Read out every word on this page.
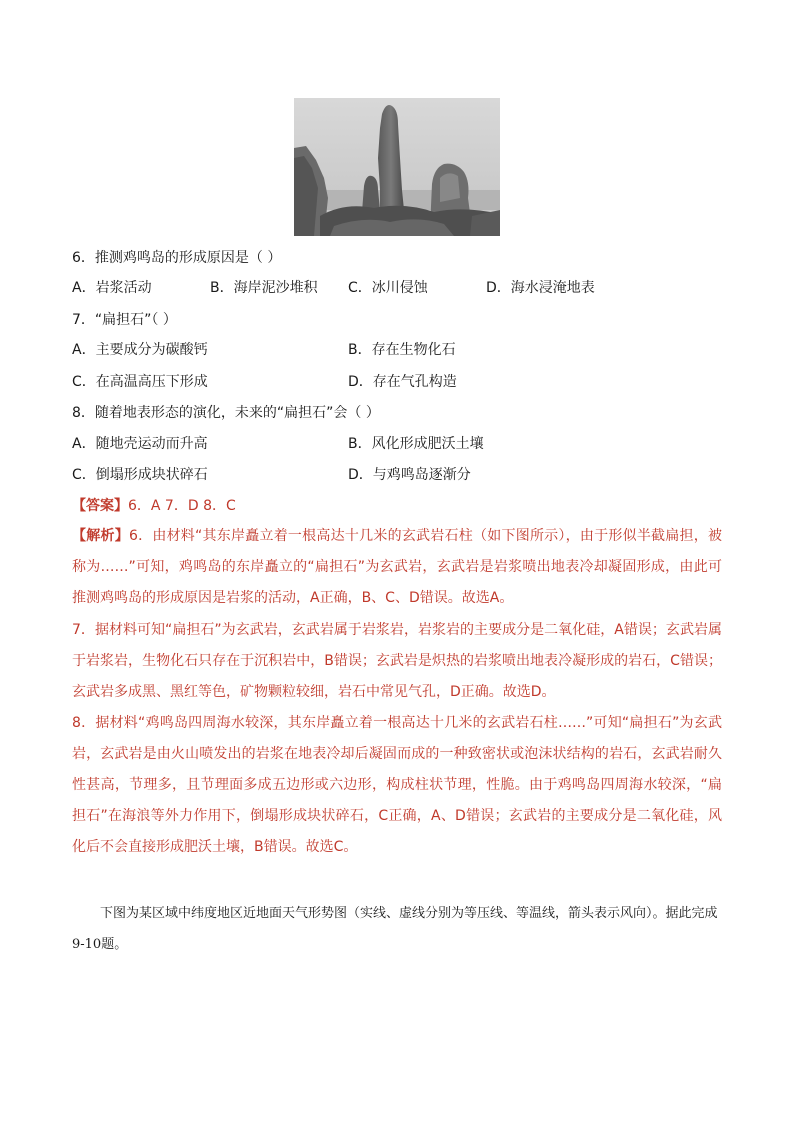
6．推测鸡鸣岛的形成原因是（ ）
A．岩浆活动	B．海岸泥沙堆积 C．冰川侵蚀	D．海水浸淹地表
7．“扁担石”（ ）
A．主要成分为碳酸钙	B．存在生物化石
C．在高温高压下形成	D．存在气孔构造
8．随着地表形态的演化，未来的“扁担石”会（ ）
A．随地壳运动而升高	B．风化形成肥沃土壤
C．倒塌形成块状碎石	D．与鸡鸣岛逐渐分
【答案】6．A 7．D 8．C
【解析】6．由材料“其东岸矗立着一根高达十几米的玄武岩石柱（如下图所示），由于形似半截扁担，被称为……”可知，鸡鸣岛的东岸矗立的“扁担石”为玄武岩，玄武岩是岩浆喷出地表冷却凝固形成，由此可推测鸡鸣岛的形成原因是岩浆的活动，A正确，B、C、D错误。故选A。
7．据材料可知“扁担石”为玄武岩，玄武岩属于岩浆岩，岩浆岩的主要成分是二氧化硅，A错误；玄武岩属于岩浆岩，生物化石只存在于沉积岩中，B错误；玄武岩是炽热的岩浆喷出地表冷凝形成的岩石，C错误；玄武岩多成黑、黑红等色，矿物颗粒较细，岩石中常见气孔，D正确。故选D。
8．据材料“鸡鸣岛四周海水较深，其东岸矗立着一根高达十几米的玄武岩石柱……”可知“扁担石”为玄武岩，玄武岩是由火山喷发出的岩浆在地表冷却后凝固而成的一种致密状或泡沫状结构的岩石，玄武岩耐久性甚高，节理多，且节理面多成五边形或六边形，构成柱状节理，性脆。由于鸡鸣岛四周海水较深，“扁担石”在海浪等外力作用下，倒塌形成块状碎石，C正确，A、D错误；玄武岩的主要成分是二氧化硅，风化后不会直接形成肥沃土壤，B错误。故选C。
下图为某区域中纬度地区近地面天气形势图（实线、虚线分别为等压线、等温线，箭头表示风向）。据此完成9-10题。
